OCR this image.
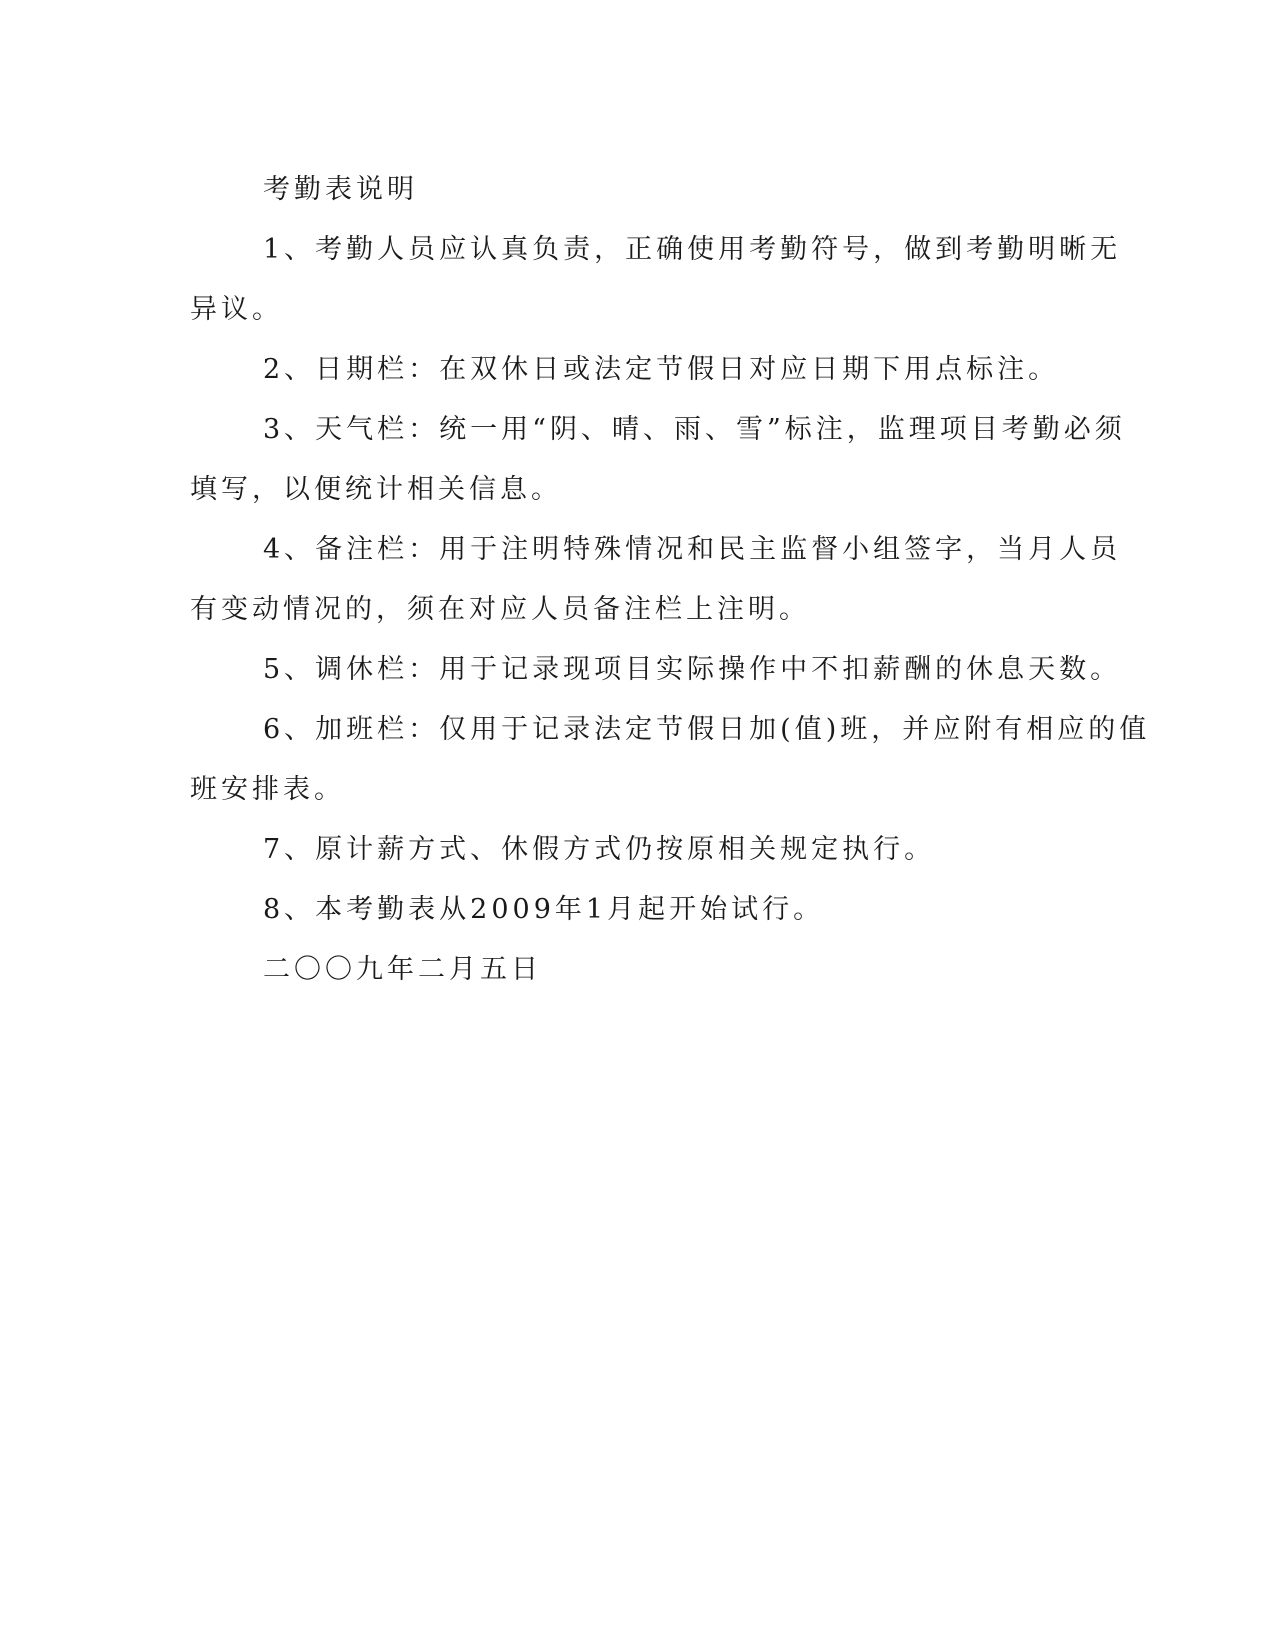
考勤表说明

1、考勤人员应认真负责，正确使用考勤符号，做到考勤明晰无

异议。

2、日期栏：在双休日或法定节假日对应日期下用点标注。

3、天气栏：统一用“阴、晴、雨、雪”标注，监理项目考勤必须

填写，以便统计相关信息。

4、备注栏：用于注明特殊情况和民主监督小组签字，当月人员

有变动情况的，须在对应人员备注栏上注明。

5、调休栏：用于记录现项目实际操作中不扣薪酬的休息天数。

6、加班栏：仅用于记录法定节假日加(值)班，并应附有相应的值

班安排表。

7、原计薪方式、休假方式仍按原相关规定执行。

8、本考勤表从2009年1月起开始试行。

二〇〇九年二月五日
